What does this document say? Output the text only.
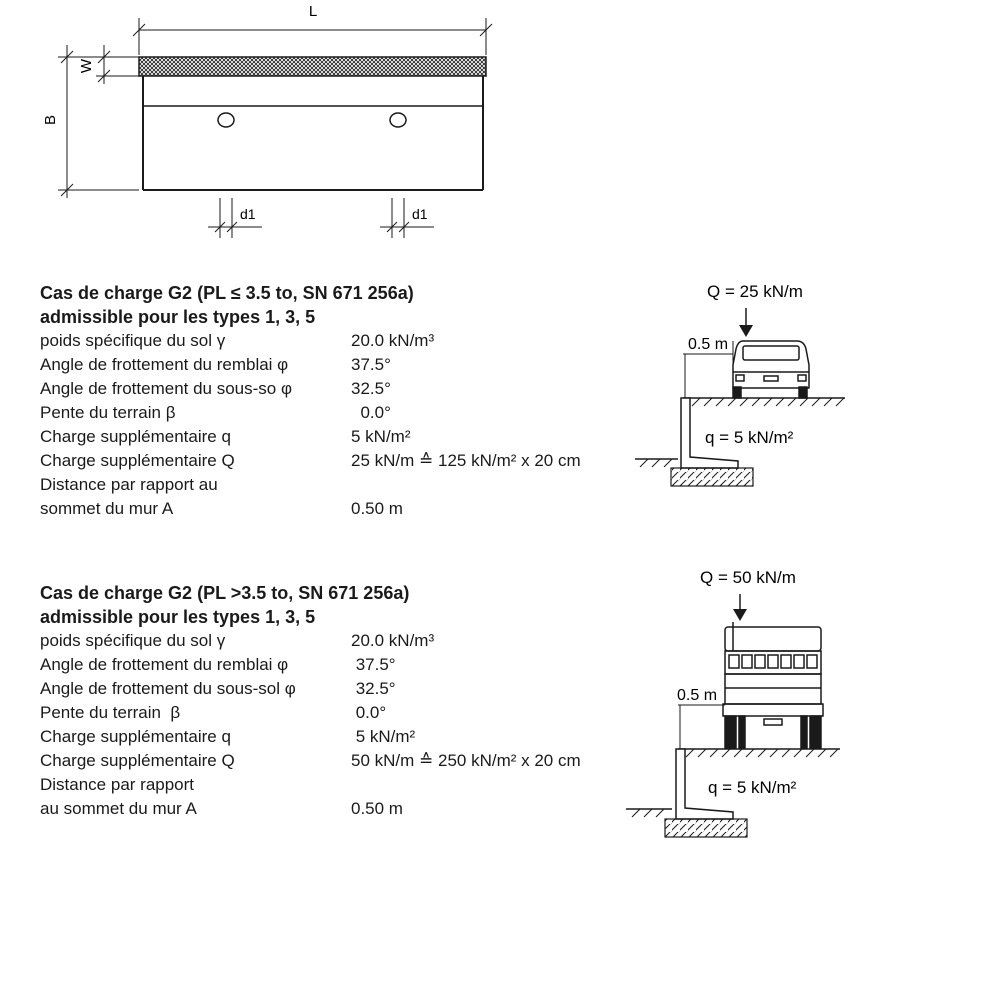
L
W
B
d1	d1
Q = 25 kN/m
0.5 m
q = 5 kN/m²
Q = 50 kN/m
0.5 m
q = 5 kN/m²
Cas de charge G2 (PL ≤ 3.5 to, SN 671 256a)
admissible pour les types 1, 3, 5
poids spécifique du sol γ	20.0 kN/m³
Angle de frottement du remblai φ	37.5°
Angle de frottement du sous-so φ	32.5°
Pente du terrain β	0.0°
Charge supplémentaire q	5 kN/m²
Charge supplémentaire Q	25 kN/m ≙ 125 kN/m² x 20 cm
Distance par rapport au
sommet du mur A	0.50 m
Cas de charge G2 (PL >3.5 to, SN 671 256a)
admissible pour les types 1, 3, 5
poids spécifique du sol γ	20.0 kN/m³
Angle de frottement du remblai φ	37.5°
Angle de frottement du sous-sol φ	32.5°
Pente du terrain  β	0.0°
Charge supplémentaire q	5 kN/m²
Charge supplémentaire Q	50 kN/m ≙ 250 kN/m² x 20 cm
Distance par rapport
au sommet du mur A	0.50 m
